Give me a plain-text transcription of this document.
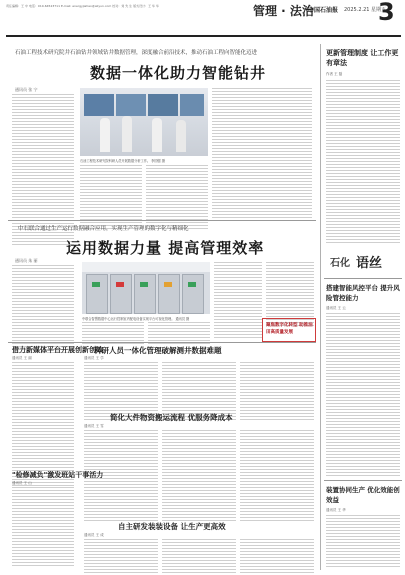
责任编辑：王 中 电话：010-64523711 E-mail: energyjiahao@aliyun.com 校对：刘 先 生 版式设计：王 华 华	管理 · 法治
中国石油报 2025.2.21 星期五
3
石油工程技术研究院井石油钻井领域钻井数据管理，深度融合前沿技术，推动石油工程向智能化迈进
数据一体化助力智能钻井
通讯员 张 宁
石油工程技术研究院科研人员开展数据分析工作。 李国强 摄
中石联合通过生产运行数据融合应用，实现生产管理的数字化与精细化
运用数据力量 提高管理效率
通讯员 朱 丽
中联合智慧数据中心运行控制室内配电设备实现平台可视化管理。 通讯员 摄
聚焦数字化转型 助推油田高质量发展
借力新媒体平台开展创新创效
通讯员 王 丽
科研人员一体化管理破解测井数据难题
通讯员 王 学
简化大件物资搬运流程 优服务降成本
通讯员 王 雪
"检修减负"激发班站干事活力
通讯员 王 山
自主研发装装设备 让生产更高效
通讯员 王 成
更新管理制度 让工作更有章法
作者 王 磊
石化 语丝
搭建智能风控平台 提升风险管控能力
通讯员 王 云
装置协同生产 优化效能创效益
通讯员 王 华
